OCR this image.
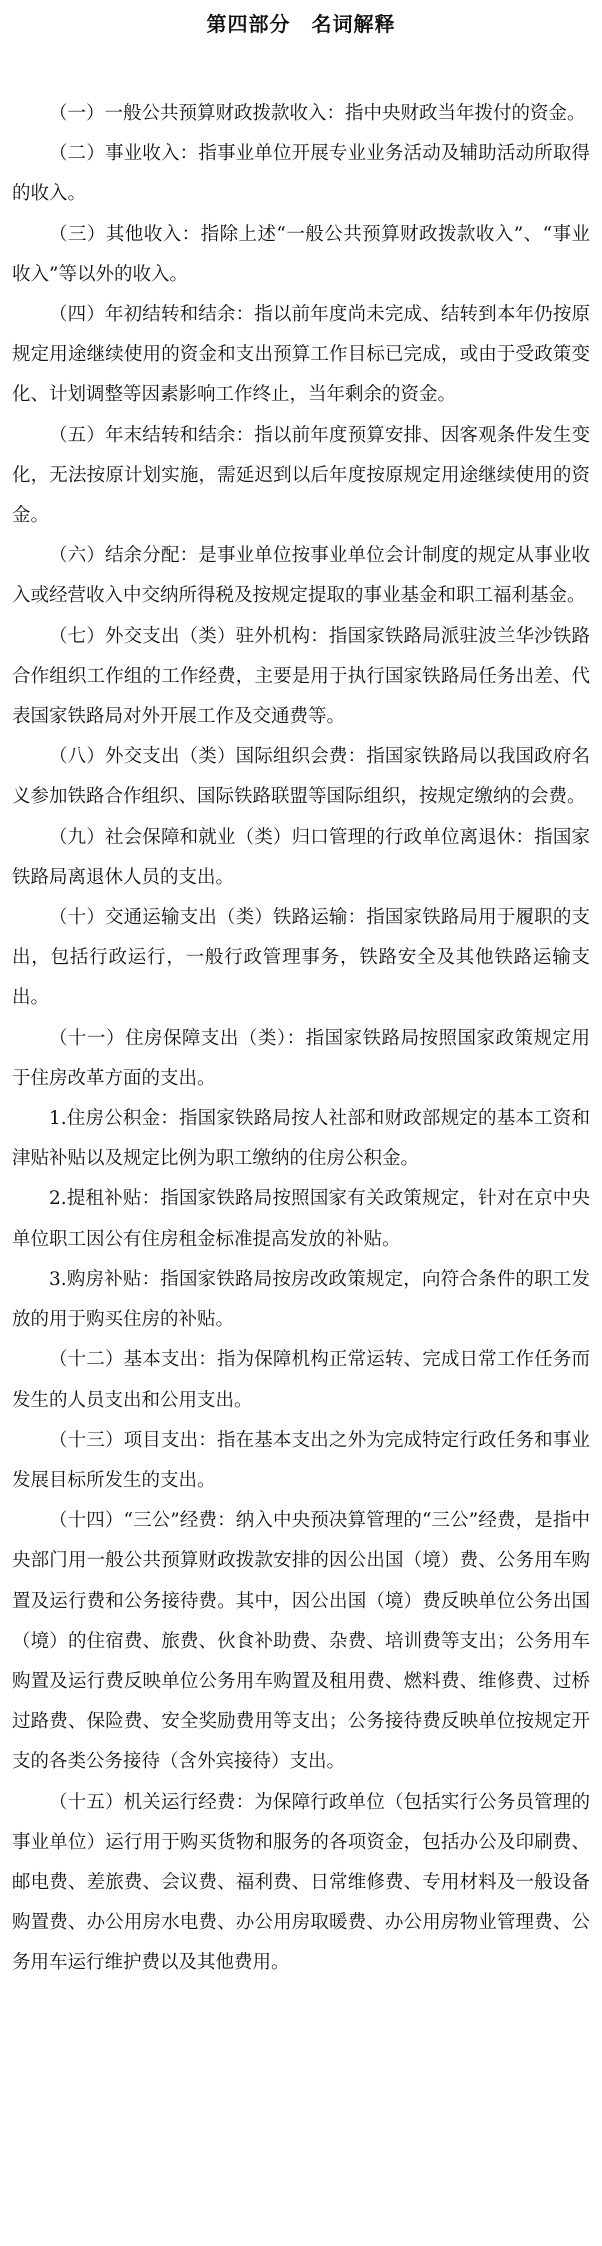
第四部分　名词解释

（一）一般公共预算财政拨款收入：指中央财政当年拨付的资金。

（二）事业收入：指事业单位开展专业业务活动及辅助活动所取得的收入。

（三）其他收入：指除上述“一般公共预算财政拨款收入”、“事业收入”等以外的收入。

（四）年初结转和结余：指以前年度尚未完成、结转到本年仍按原规定用途继续使用的资金和支出预算工作目标已完成，或由于受政策变化、计划调整等因素影响工作终止，当年剩余的资金。

（五）年末结转和结余：指以前年度预算安排、因客观条件发生变化，无法按原计划实施，需延迟到以后年度按原规定用途继续使用的资金。

（六）结余分配：是事业单位按事业单位会计制度的规定从事业收入或经营收入中交纳所得税及按规定提取的事业基金和职工福利基金。

（七）外交支出（类）驻外机构：指国家铁路局派驻波兰华沙铁路合作组织工作组的工作经费，主要是用于执行国家铁路局任务出差、代表国家铁路局对外开展工作及交通费等。

（八）外交支出（类）国际组织会费：指国家铁路局以我国政府名义参加铁路合作组织、国际铁路联盟等国际组织，按规定缴纳的会费。

（九）社会保障和就业（类）归口管理的行政单位离退休：指国家铁路局离退休人员的支出。

（十）交通运输支出（类）铁路运输：指国家铁路局用于履职的支出，包括行政运行，一般行政管理事务，铁路安全及其他铁路运输支出。

（十一）住房保障支出（类）：指国家铁路局按照国家政策规定用于住房改革方面的支出。

1.住房公积金：指国家铁路局按人社部和财政部规定的基本工资和津贴补贴以及规定比例为职工缴纳的住房公积金。

2.提租补贴：指国家铁路局按照国家有关政策规定，针对在京中央单位职工因公有住房租金标准提高发放的补贴。

3.购房补贴：指国家铁路局按房改政策规定，向符合条件的职工发放的用于购买住房的补贴。

（十二）基本支出：指为保障机构正常运转、完成日常工作任务而发生的人员支出和公用支出。

（十三）项目支出：指在基本支出之外为完成特定行政任务和事业发展目标所发生的支出。

（十四）“三公”经费：纳入中央预决算管理的“三公”经费，是指中央部门用一般公共预算财政拨款安排的因公出国（境）费、公务用车购置及运行费和公务接待费。其中，因公出国（境）费反映单位公务出国（境）的住宿费、旅费、伙食补助费、杂费、培训费等支出；公务用车购置及运行费反映单位公务用车购置及租用费、燃料费、维修费、过桥过路费、保险费、安全奖励费用等支出；公务接待费反映单位按规定开支的各类公务接待（含外宾接待）支出。

（十五）机关运行经费：为保障行政单位（包括实行公务员管理的事业单位）运行用于购买货物和服务的各项资金，包括办公及印刷费、邮电费、差旅费、会议费、福利费、日常维修费、专用材料及一般设备购置费、办公用房水电费、办公用房取暖费、办公用房物业管理费、公务用车运行维护费以及其他费用。
